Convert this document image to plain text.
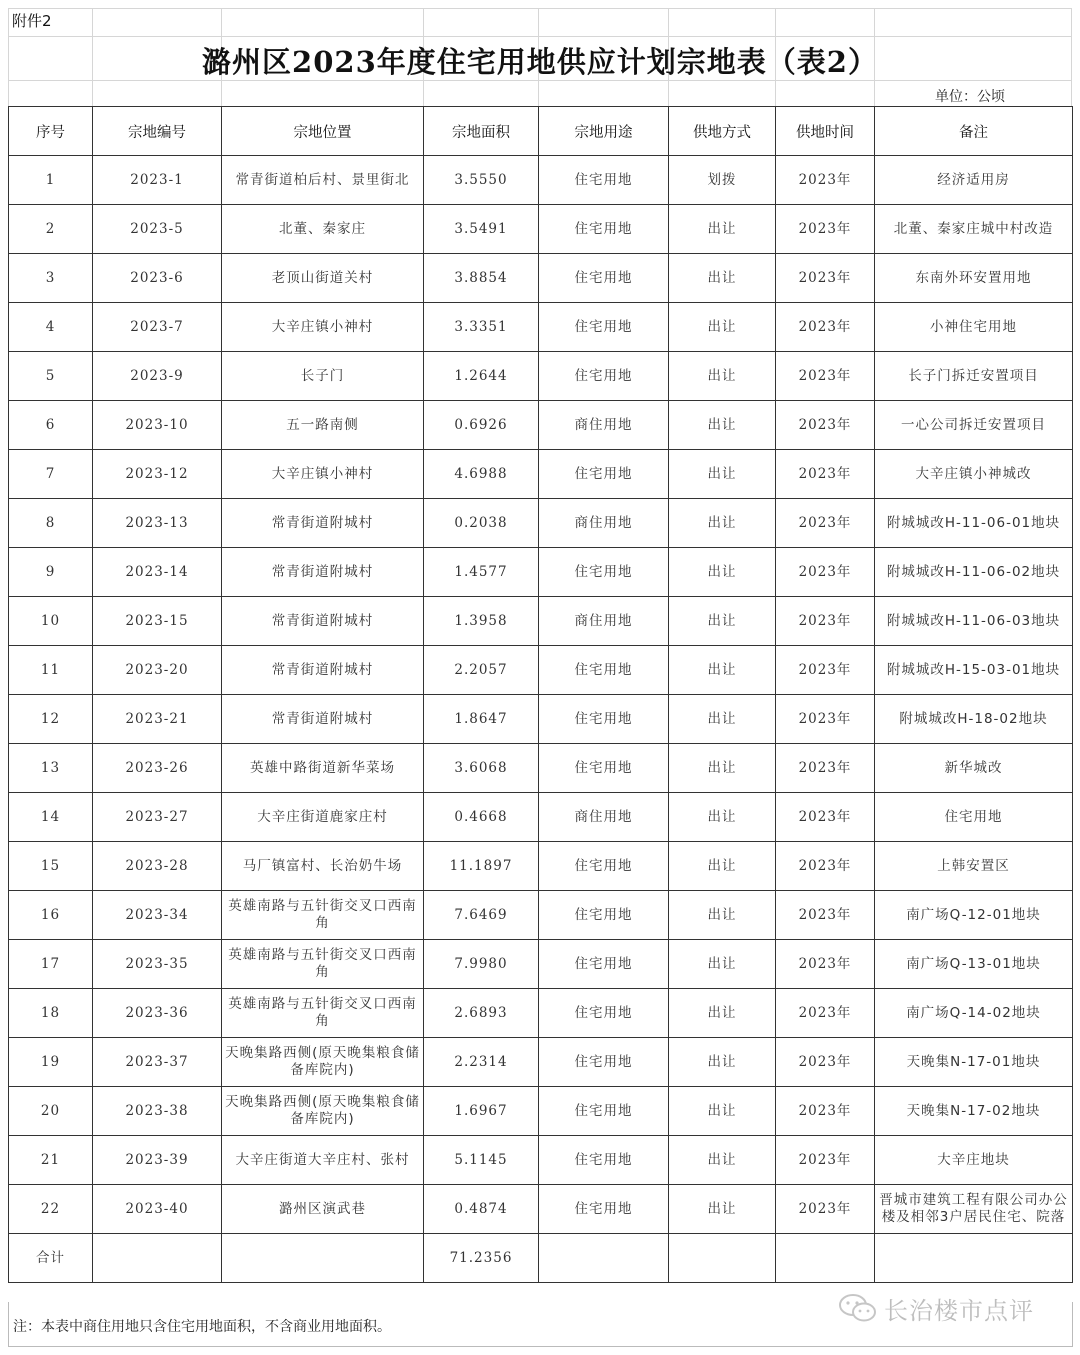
附件2
潞州区2023年度住宅用地供应计划宗地表（表2）
单位：公顷
序号	宗地编号	宗地位置	宗地面积	宗地用途	供地方式	供地时间	备注
1	2023-1	常青街道柏后村、景里街北	3.5550	住宅用地	划拨	2023年	经济适用房
2	2023-5	北董、秦家庄	3.5491	住宅用地	出让	2023年	北董、秦家庄城中村改造
3	2023-6	老顶山街道关村	3.8854	住宅用地	出让	2023年	东南外环安置用地
4	2023-7	大辛庄镇小神村	3.3351	住宅用地	出让	2023年	小神住宅用地
5	2023-9	长子门	1.2644	住宅用地	出让	2023年	长子门拆迁安置项目
6	2023-10	五一路南侧	0.6926	商住用地	出让	2023年	一心公司拆迁安置项目
7	2023-12	大辛庄镇小神村	4.6988	住宅用地	出让	2023年	大辛庄镇小神城改
8	2023-13	常青街道附城村	0.2038	商住用地	出让	2023年	附城城改H-11-06-01地块
9	2023-14	常青街道附城村	1.4577	住宅用地	出让	2023年	附城城改H-11-06-02地块
10	2023-15	常青街道附城村	1.3958	商住用地	出让	2023年	附城城改H-11-06-03地块
11	2023-20	常青街道附城村	2.2057	住宅用地	出让	2023年	附城城改H-15-03-01地块
12	2023-21	常青街道附城村	1.8647	住宅用地	出让	2023年	附城城改H-18-02地块
13	2023-26	英雄中路街道新华菜场	3.6068	住宅用地	出让	2023年	新华城改
14	2023-27	大辛庄街道鹿家庄村	0.4668	商住用地	出让	2023年	住宅用地
15	2023-28	马厂镇富村、长治奶牛场	11.1897	住宅用地	出让	2023年	上韩安置区
16	2023-34	英雄南路与五针街交叉口西南角	7.6469	住宅用地	出让	2023年	南广场Q-12-01地块
17	2023-35	英雄南路与五针街交叉口西南角	7.9980	住宅用地	出让	2023年	南广场Q-13-01地块
18	2023-36	英雄南路与五针街交叉口西南角	2.6893	住宅用地	出让	2023年	南广场Q-14-02地块
19	2023-37	天晚集路西侧(原天晚集粮食储备库院内)	2.2314	住宅用地	出让	2023年	天晚集N-17-01地块
20	2023-38	天晚集路西侧(原天晚集粮食储备库院内)	1.6967	住宅用地	出让	2023年	天晚集N-17-02地块
21	2023-39	大辛庄街道大辛庄村、张村	5.1145	住宅用地	出让	2023年	大辛庄地块
22	2023-40	潞州区演武巷	0.4874	住宅用地	出让	2023年	晋城市建筑工程有限公司办公楼及相邻3户居民住宅、院落
合计			71.2356				
注：本表中商住用地只含住宅用地面积，不含商业用地面积。
长治楼市点评
